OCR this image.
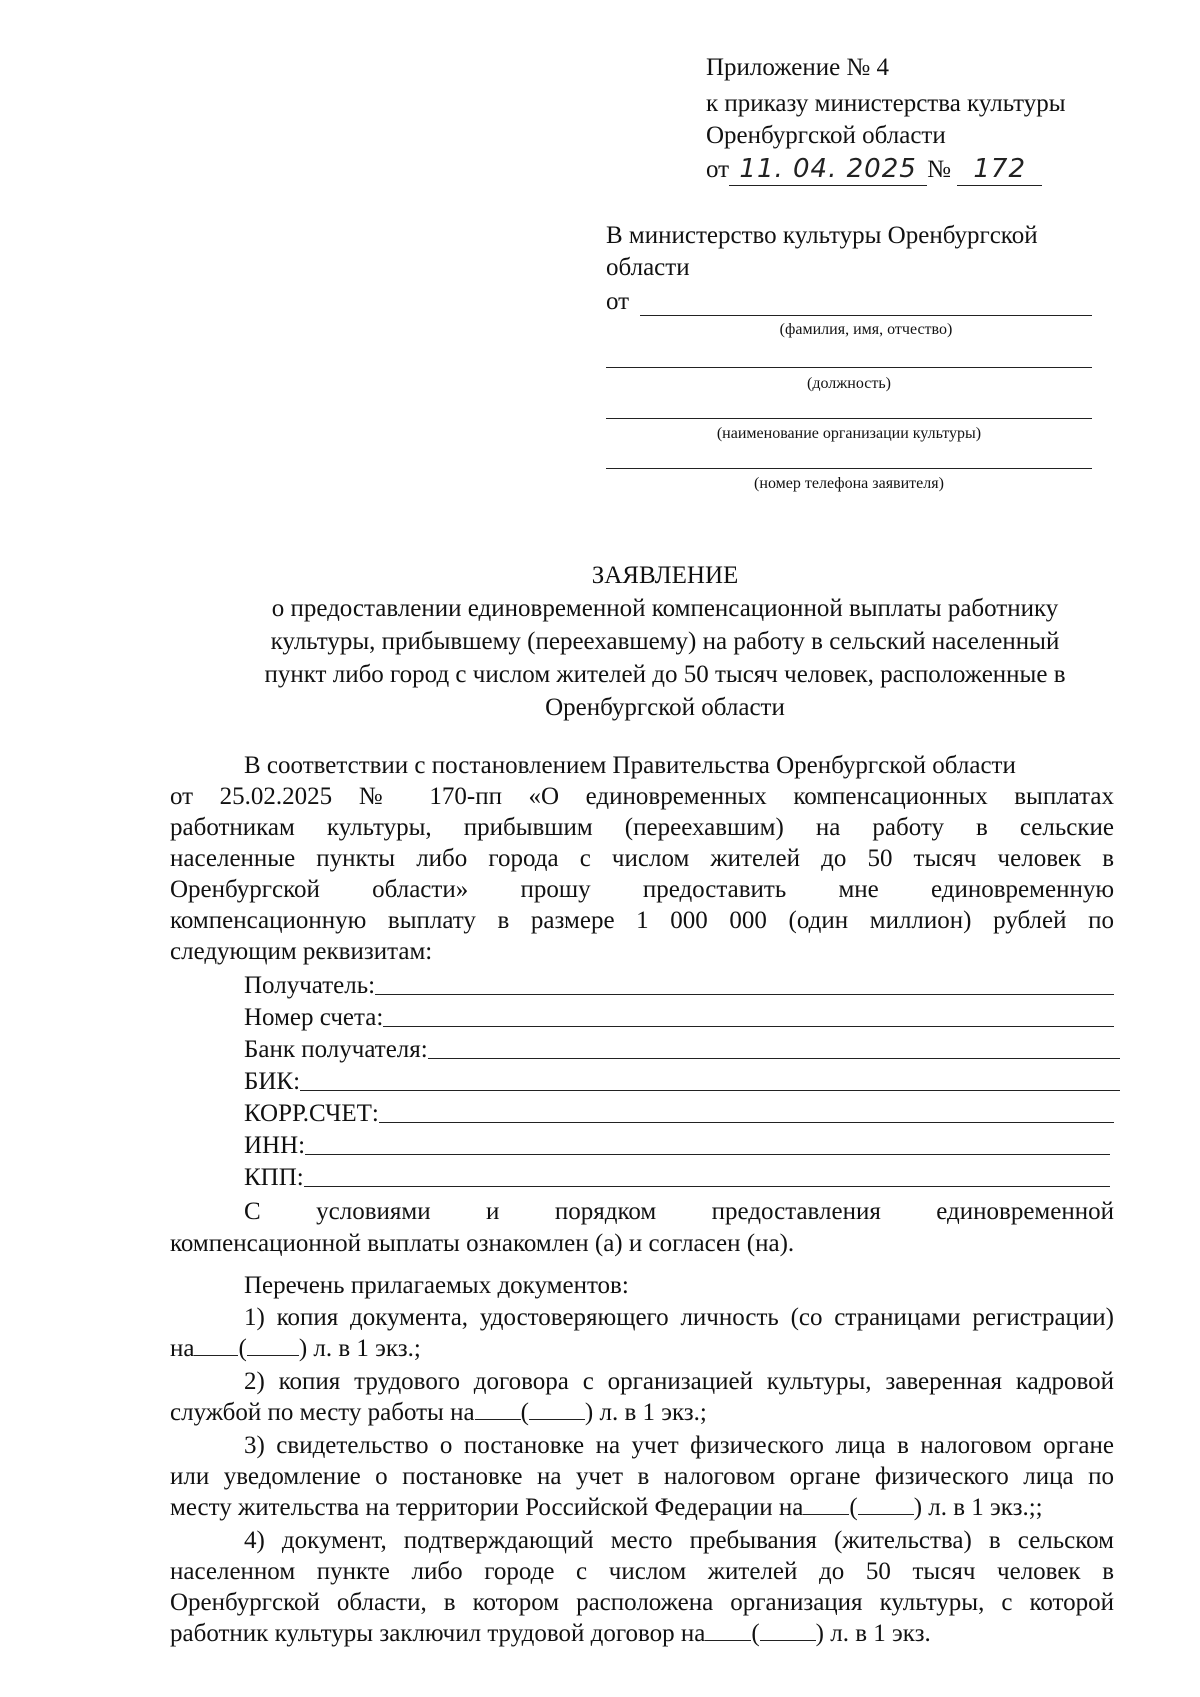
Приложение № 4
к приказу министерства культуры
Оренбургской области
от 11. 04. 2025 № 172
В министерство культуры Оренбургской
области
от
(фамилия, имя, отчество)
(должность)
(наименование организации культуры)
(номер телефона заявителя)
ЗАЯВЛЕНИЕ
о предоставлении единовременной компенсационной выплаты работнику
культуры, прибывшему (переехавшему) на работу в сельский населенный
пункт либо город с числом жителей до 50 тысяч человек, расположенные в
Оренбургской области
В соответствии с постановлением Правительства Оренбургской области
от 25.02.2025 № 170-пп «О единовременных компенсационных выплатах
работникам культуры, прибывшим (переехавшим) на работу в сельские
населенные пункты либо города с числом жителей до 50 тысяч человек в
Оренбургской области» прошу предоставить мне единовременную
компенсационную выплату в размере 1 000 000 (один миллион) рублей по
следующим реквизитам:
Получатель:
Номер счета:
Банк получателя:
БИК:
КОРР.СЧЕТ:
ИНН:
КПП:
С условиями и порядком предоставления единовременной
компенсационной выплаты ознакомлен (а) и согласен (на).
Перечень прилагаемых документов:
1) копия документа, удостоверяющего личность (со страницами регистрации)
на ( ) л. в 1 экз.;
2) копия трудового договора с организацией культуры, заверенная кадровой
службой по месту работы на ( ) л. в 1 экз.;
3) свидетельство о постановке на учет физического лица в налоговом органе
или уведомление о постановке на учет в налоговом органе физического лица по
месту жительства на территории Российской Федерации на ( ) л. в 1 экз.;;
4) документ, подтверждающий место пребывания (жительства) в сельском
населенном пункте либо городе с числом жителей до 50 тысяч человек в
Оренбургской области, в котором расположена организация культуры, с которой
работник культуры заключил трудовой договор на ( ) л. в 1 экз.
